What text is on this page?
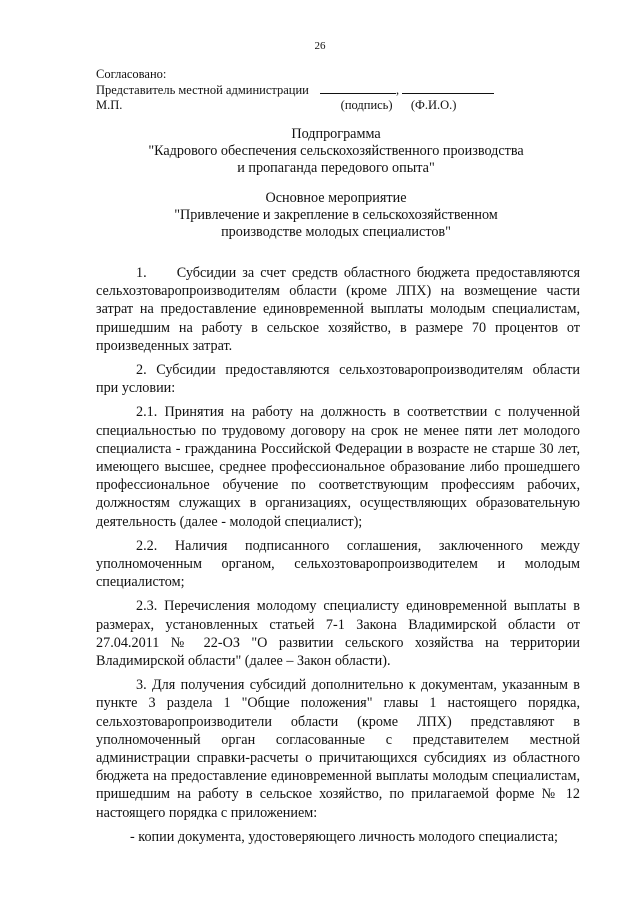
26
Согласовано:
Представитель местной администрации	,
М.П.	(подпись) (Ф.И.О.)
Подпрограмма
"Кадрового обеспечения сельскохозяйственного производства
и пропаганда передового опыта"
Основное мероприятие
"Привлечение и закрепление в сельскохозяйственном
производстве молодых специалистов"

1.     Субсидии за счет средств областного бюджета предоставляются сельхозтоваропроизводителям области (кроме ЛПХ) на возмещение части затрат на предоставление единовременной выплаты молодым специалистам, пришедшим на работу в сельское хозяйство, в размере 70 процентов от произведенных затрат.

2. Субсидии предоставляются сельхозтоваропроизводителям области при условии:

2.1. Принятия на работу на должность в соответствии с полученной специальностью по трудовому договору на срок не менее пяти лет молодого специалиста - гражданина Российской Федерации в возрасте не старше 30 лет, имеющего высшее, среднее профессиональное образование либо прошедшего профессиональное обучение по соответствующим профессиям рабочих, должностям служащих в организациях, осуществляющих образовательную деятельность (далее - молодой специалист);

2.2. Наличия подписанного соглашения, заключенного между уполномоченным органом, сельхозтоваропроизводителем и молодым специалистом;

2.3. Перечисления молодому специалисту единовременной выплаты в размерах, установленных статьей 7-1 Закона Владимирской области от 27.04.2011 № 22-ОЗ "О развитии сельского хозяйства на территории Владимирской области" (далее – Закон области).

3. Для получения субсидий дополнительно к документам, указанным в пункте 3 раздела 1 "Общие положения" главы 1 настоящего порядка, сельхозтоваропроизводители области (кроме ЛПХ) представляют в уполномоченный орган согласованные с представителем местной администрации справки-расчеты о причитающихся субсидиях из областного бюджета на предоставление единовременной выплаты молодым специалистам, пришедшим на работу в сельское хозяйство, по прилагаемой форме № 12 настоящего порядка с приложением:

- копии документа, удостоверяющего личность молодого специалиста;
